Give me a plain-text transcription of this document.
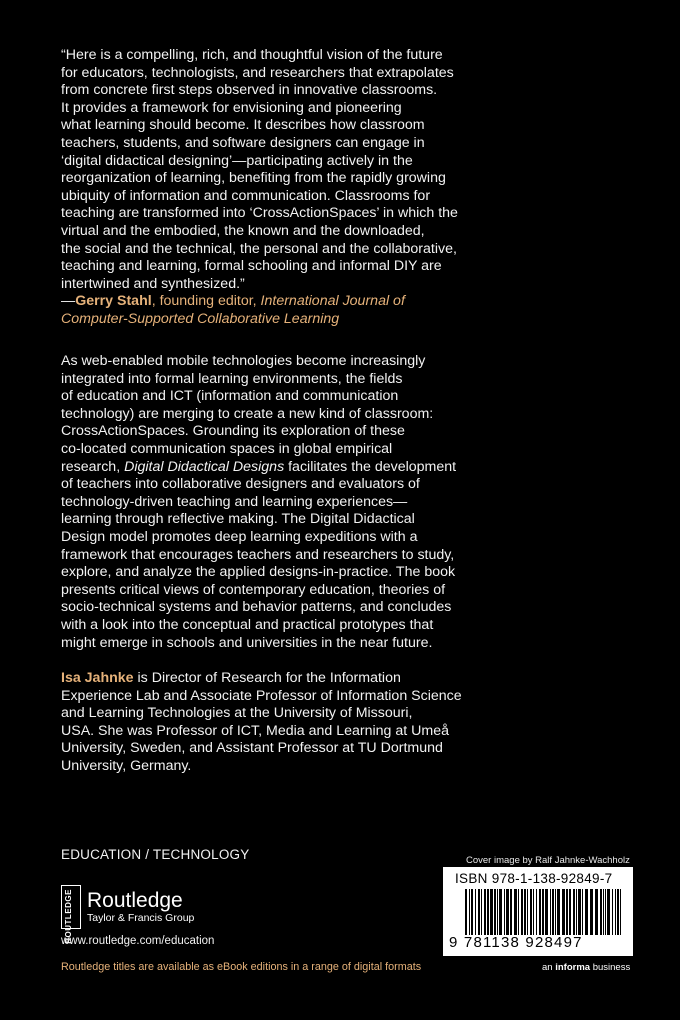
“Here is a compelling, rich, and thoughtful vision of the future

for educators, technologists, and researchers that extrapolates

from concrete first steps observed in innovative classrooms.

It provides a framework for envisioning and pioneering

what learning should become. It describes how classroom

teachers, students, and software designers can engage in

‘digital didactical designing’—participating actively in the

reorganization of learning, benefiting from the rapidly growing

ubiquity of information and communication. Classrooms for

teaching are transformed into ‘CrossActionSpaces’ in which the

virtual and the embodied, the known and the downloaded,

the social and the technical, the personal and the collaborative,

teaching and learning, formal schooling and informal DIY are

intertwined and synthesized.”

—Gerry Stahl, founding editor, International Journal of

Computer-Supported Collaborative Learning

As web-enabled mobile technologies become increasingly

integrated into formal learning environments, the fields

of education and ICT (information and communication

technology) are merging to create a new kind of classroom:

CrossActionSpaces. Grounding its exploration of these

co-located communication spaces in global empirical

research, Digital Didactical Designs facilitates the development

of teachers into collaborative designers and evaluators of

technology-driven teaching and learning experiences—

learning through reflective making. The Digital Didactical

Design model promotes deep learning expeditions with a

framework that encourages teachers and researchers to study,

explore, and analyze the applied designs-in-practice. The book

presents critical views of contemporary education, theories of

socio-technical systems and behavior patterns, and concludes

with a look into the conceptual and practical prototypes that

might emerge in schools and universities in the near future.

Isa Jahnke is Director of Research for the Information

Experience Lab and Associate Professor of Information Science

and Learning Technologies at the University of Missouri,

USA. She was Professor of ICT, Media and Learning at Umeå

University, Sweden, and Assistant Professor at TU Dortmund

University, Germany.

EDUCATION / TECHNOLOGY
ROUTLEDGE Routledge
Taylor & Francis Group
www.routledge.com/education
Routledge titles are available as eBook editions in a range of digital formats
Cover image by Ralf Jahnke-Wachholz
ISBN 978-1-138-92849-7
9 781138 928497
an informa business
